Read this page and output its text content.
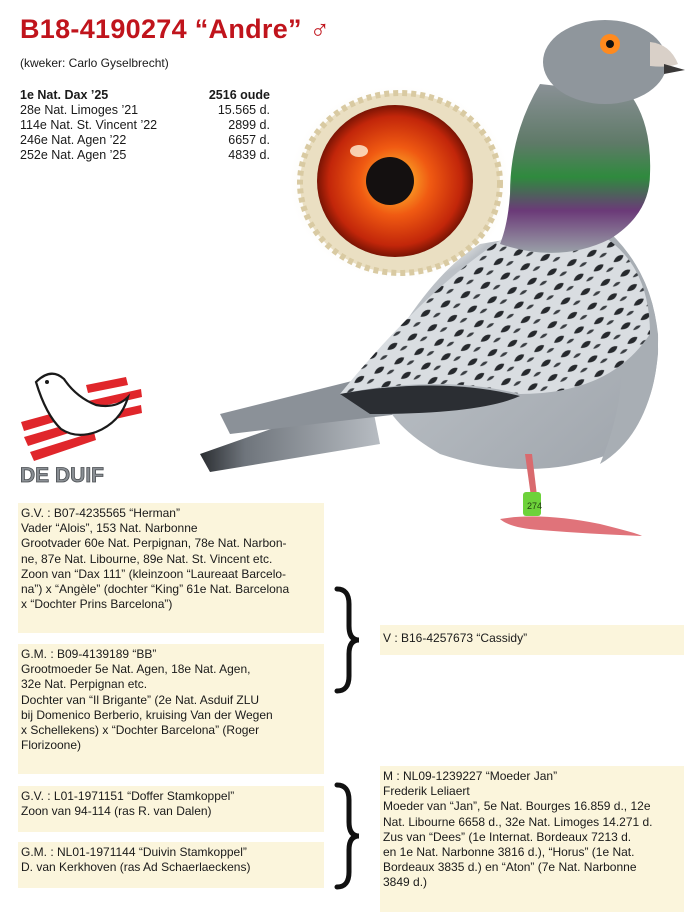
B18-4190274 “Andre” ♂
(kweker: Carlo Gyselbrecht)
1e Nat. Dax ’25	2516 oude
28e Nat. Limoges ’21	15.565 d.
114e Nat. St. Vincent ’22	2899 d.
246e Nat. Agen ’22	6657 d.
252e Nat. Agen ’25	4839 d.
274
DE DUIF
G.V. : B07-4235565 “Herman”
Vader “Alois”, 153 Nat. Narbonne
Grootvader 60e Nat. Perpignan, 78e Nat. Narbon-
ne, 87e Nat. Libourne, 89e Nat. St. Vincent etc.
Zoon van “Dax 111” (kleinzoon “Laureaat Barcelo-
na”) x “Angèle” (dochter “King” 61e Nat. Barcelona
x “Dochter Prins Barcelona”)
G.M. : B09-4139189 “BB”
Grootmoeder 5e Nat. Agen, 18e Nat. Agen,
32e Nat. Perpignan etc.
Dochter van “Il Brigante” (2e Nat. Asduif ZLU
bij Domenico Berberio, kruising Van der Wegen
x Schellekens) x “Dochter Barcelona” (Roger
Florizoone)
V : B16-4257673 “Cassidy”
G.V. : L01-1971151 “Doffer Stamkoppel”
Zoon van 94-114 (ras R. van Dalen)
G.M. : NL01-1971144 “Duivin Stamkoppel”
D. van Kerkhoven (ras Ad Schaerlaeckens)
M : NL09-1239227 “Moeder Jan”
Frederik Leliaert
Moeder van “Jan”, 5e Nat. Bourges 16.859 d., 12e
Nat. Libourne 6658 d., 32e Nat. Limoges 14.271 d.
Zus van “Dees” (1e Internat. Bordeaux 7213 d.
en 1e Nat. Narbonne 3816 d.), “Horus” (1e Nat.
Bordeaux 3835 d.) en “Aton” (7e Nat. Narbonne
3849 d.)
